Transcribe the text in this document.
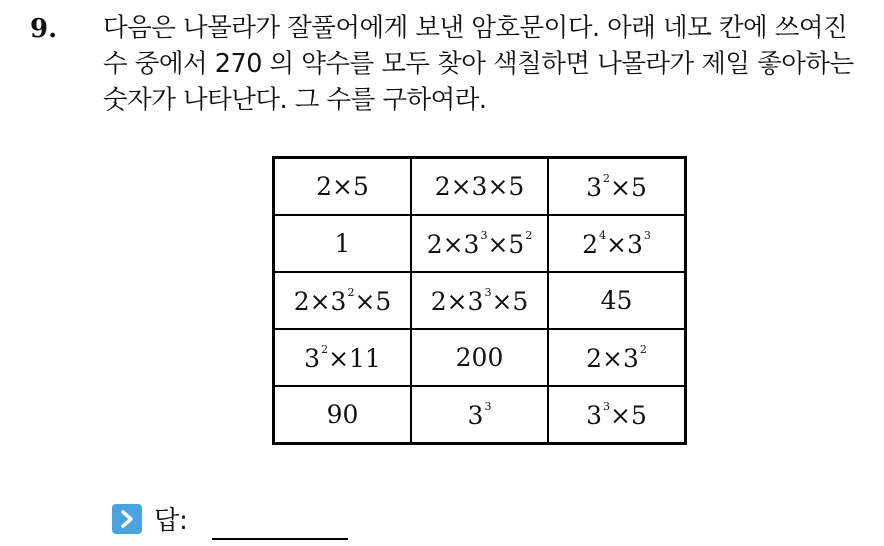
9. 다음은 나몰라가 잘풀어에게 보낸 암호문이다. 아래 네모 칸에 쓰여진
수 중에서 270 의 약수를 모두 찾아 색칠하면 나몰라가 제일 좋아하는
숫자가 나타난다. 그 수를 구하여라.
2×5	2×3×5	$3^2\times 5$
1	$2\times 3^3\times 5^2$	$2^4\times 3^3$
$2\times 3^2\times 5$	$2\times 3^3\times 5$	45
$3^2\times 11$	200	$2\times 3^2$
90	$3^3$	$3^3\times 5$
답:
